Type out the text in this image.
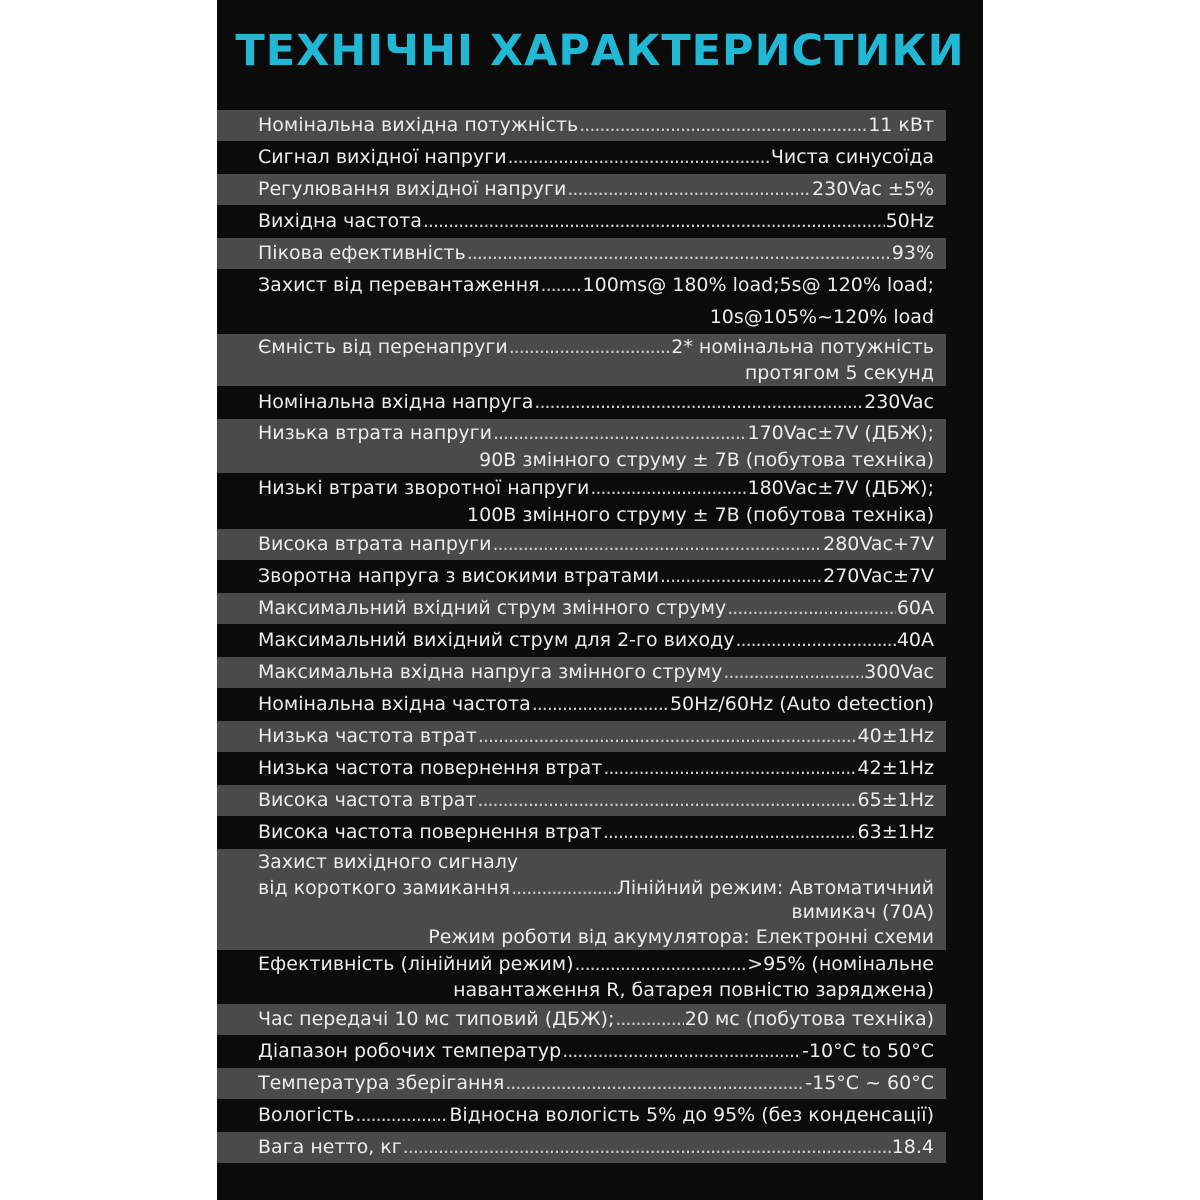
ТЕХНІЧНІ ХАРАКТЕРИСТИКИ
Номінальна вихідна потужність .....	11 кВт
Сигнал вихідної напруги .....	Чиста синусоїда
Регулювання вихідної напруги .....	230Vac ±5%
Вихідна частота .....	50Hz
Пікова ефективність .....	93%
Захист від перевантаження ..... 100ms@ 180% load;5s@ 120% load;
10s@105%~120% load
Ємність від перенапруги .....	2* номінальна потужність
протягом 5 секунд
Номінальна вхідна напруга .....	230Vac
Низька втрата напруги .....	170Vac±7V (ДБЖ);
90В змінного струму ± 7В (побутова техніка)
Низькі втрати зворотної напруги .....	180Vac±7V (ДБЖ);
100В змінного струму ± 7В (побутова техніка)
Висока втрата напруги .....	280Vac+7V
Зворотна напруга з високими втратами .....	270Vac±7V
Максимальний вхідний струм змінного струму .....	60A
Максимальний вихідний струм для 2-го виходу .....	40A
Максимальна вхідна напруга змінного струму .....	300Vac
Номінальна вхідна частота .....	50Hz/60Hz (Auto detection)
Низька частота втрат .....	40±1Hz
Низька частота повернення втрат .....	42±1Hz
Висока частота втрат .....	65±1Hz
Висока частота повернення втрат .....	63±1Hz
Захист вихідного сигналу
від короткого замикання .....	Лінійний режим: Автоматичний
вимикач (70A)
Режим роботи від акумулятора: Електронні схеми
Ефективність (лінійний режим) .....	>95% (номінальне
навантаження R, батарея повністю заряджена)
Час передачі 10 мс типовий (ДБЖ); .....	20 мс (побутова техніка)
Діапазон робочих температур .....	-10°C to 50°C
Температура зберігання .....	-15°C ~ 60°C
Вологість .....	Відносна вологість 5% до 95% (без конденсації)
Вага нетто, кг .....	18.4
